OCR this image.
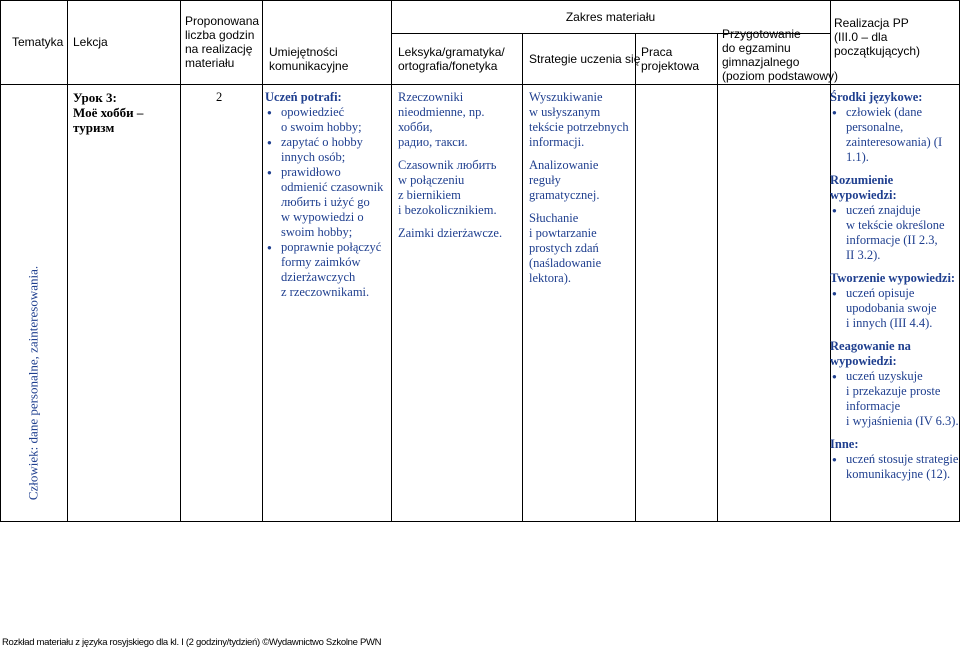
Tematyka Lekcja
Proponowana
liczba godzin
na realizację
materiału
Umiejętności
komunikacyjne
Zakres materiału
Leksyka/gramatyka/
ortografia/fonetyka	Strategie uczenia się Praca
projektowa
Przygotowanie
do egzaminu
gimnazjalnego
(poziom podstawowy)
Realizacja PP
(III.0 – dla
początkujących)
Człowiek: dane personalne, zainteresowania.
Урок 3:
Моё хобби –
туризм
2	Uczeń potrafi:
● opowiedzieć
o swoim hobby;
● zapytać o hobby
innych osób;
● prawidłowo
odmienić czasownik
любить i użyć go
w wypowiedzi o
swoim hobby;
● poprawnie połączyć
formy zaimków
dzierżawczych
z rzeczownikami.
Rzeczowniki
nieodmienne, np. хобби,
радио, такси.
Czasownik любить
w połączeniu
z biernikiem
i bezokolicznikiem.
Zaimki dzierżawcze.
Wyszukiwanie
w usłyszanym
tekście potrzebnych
informacji.
Analizowanie reguły
gramatycznej.
Słuchanie
i powtarzanie
prostych zdań
(naśladowanie
lektora).
Środki językowe:
● człowiek (dane
personalne,
zainteresowania) (I 1.1).
Rozumienie
wypowiedzi:
● uczeń znajduje
w tekście określone
informacje (II 2.3,
II 3.2).
Tworzenie wypowiedzi:
● uczeń opisuje
upodobania swoje
i innych (III 4.4).
Reagowanie na
wypowiedzi:
● uczeń uzyskuje
i przekazuje proste
informacje
i wyjaśnienia (IV 6.3).
Inne:
● uczeń stosuje strategie
komunikacyjne (12).
Rozkład materiału z języka rosyjskiego dla kl. I (2 godziny/tydzień) ©Wydawnictwo Szkolne PWN
